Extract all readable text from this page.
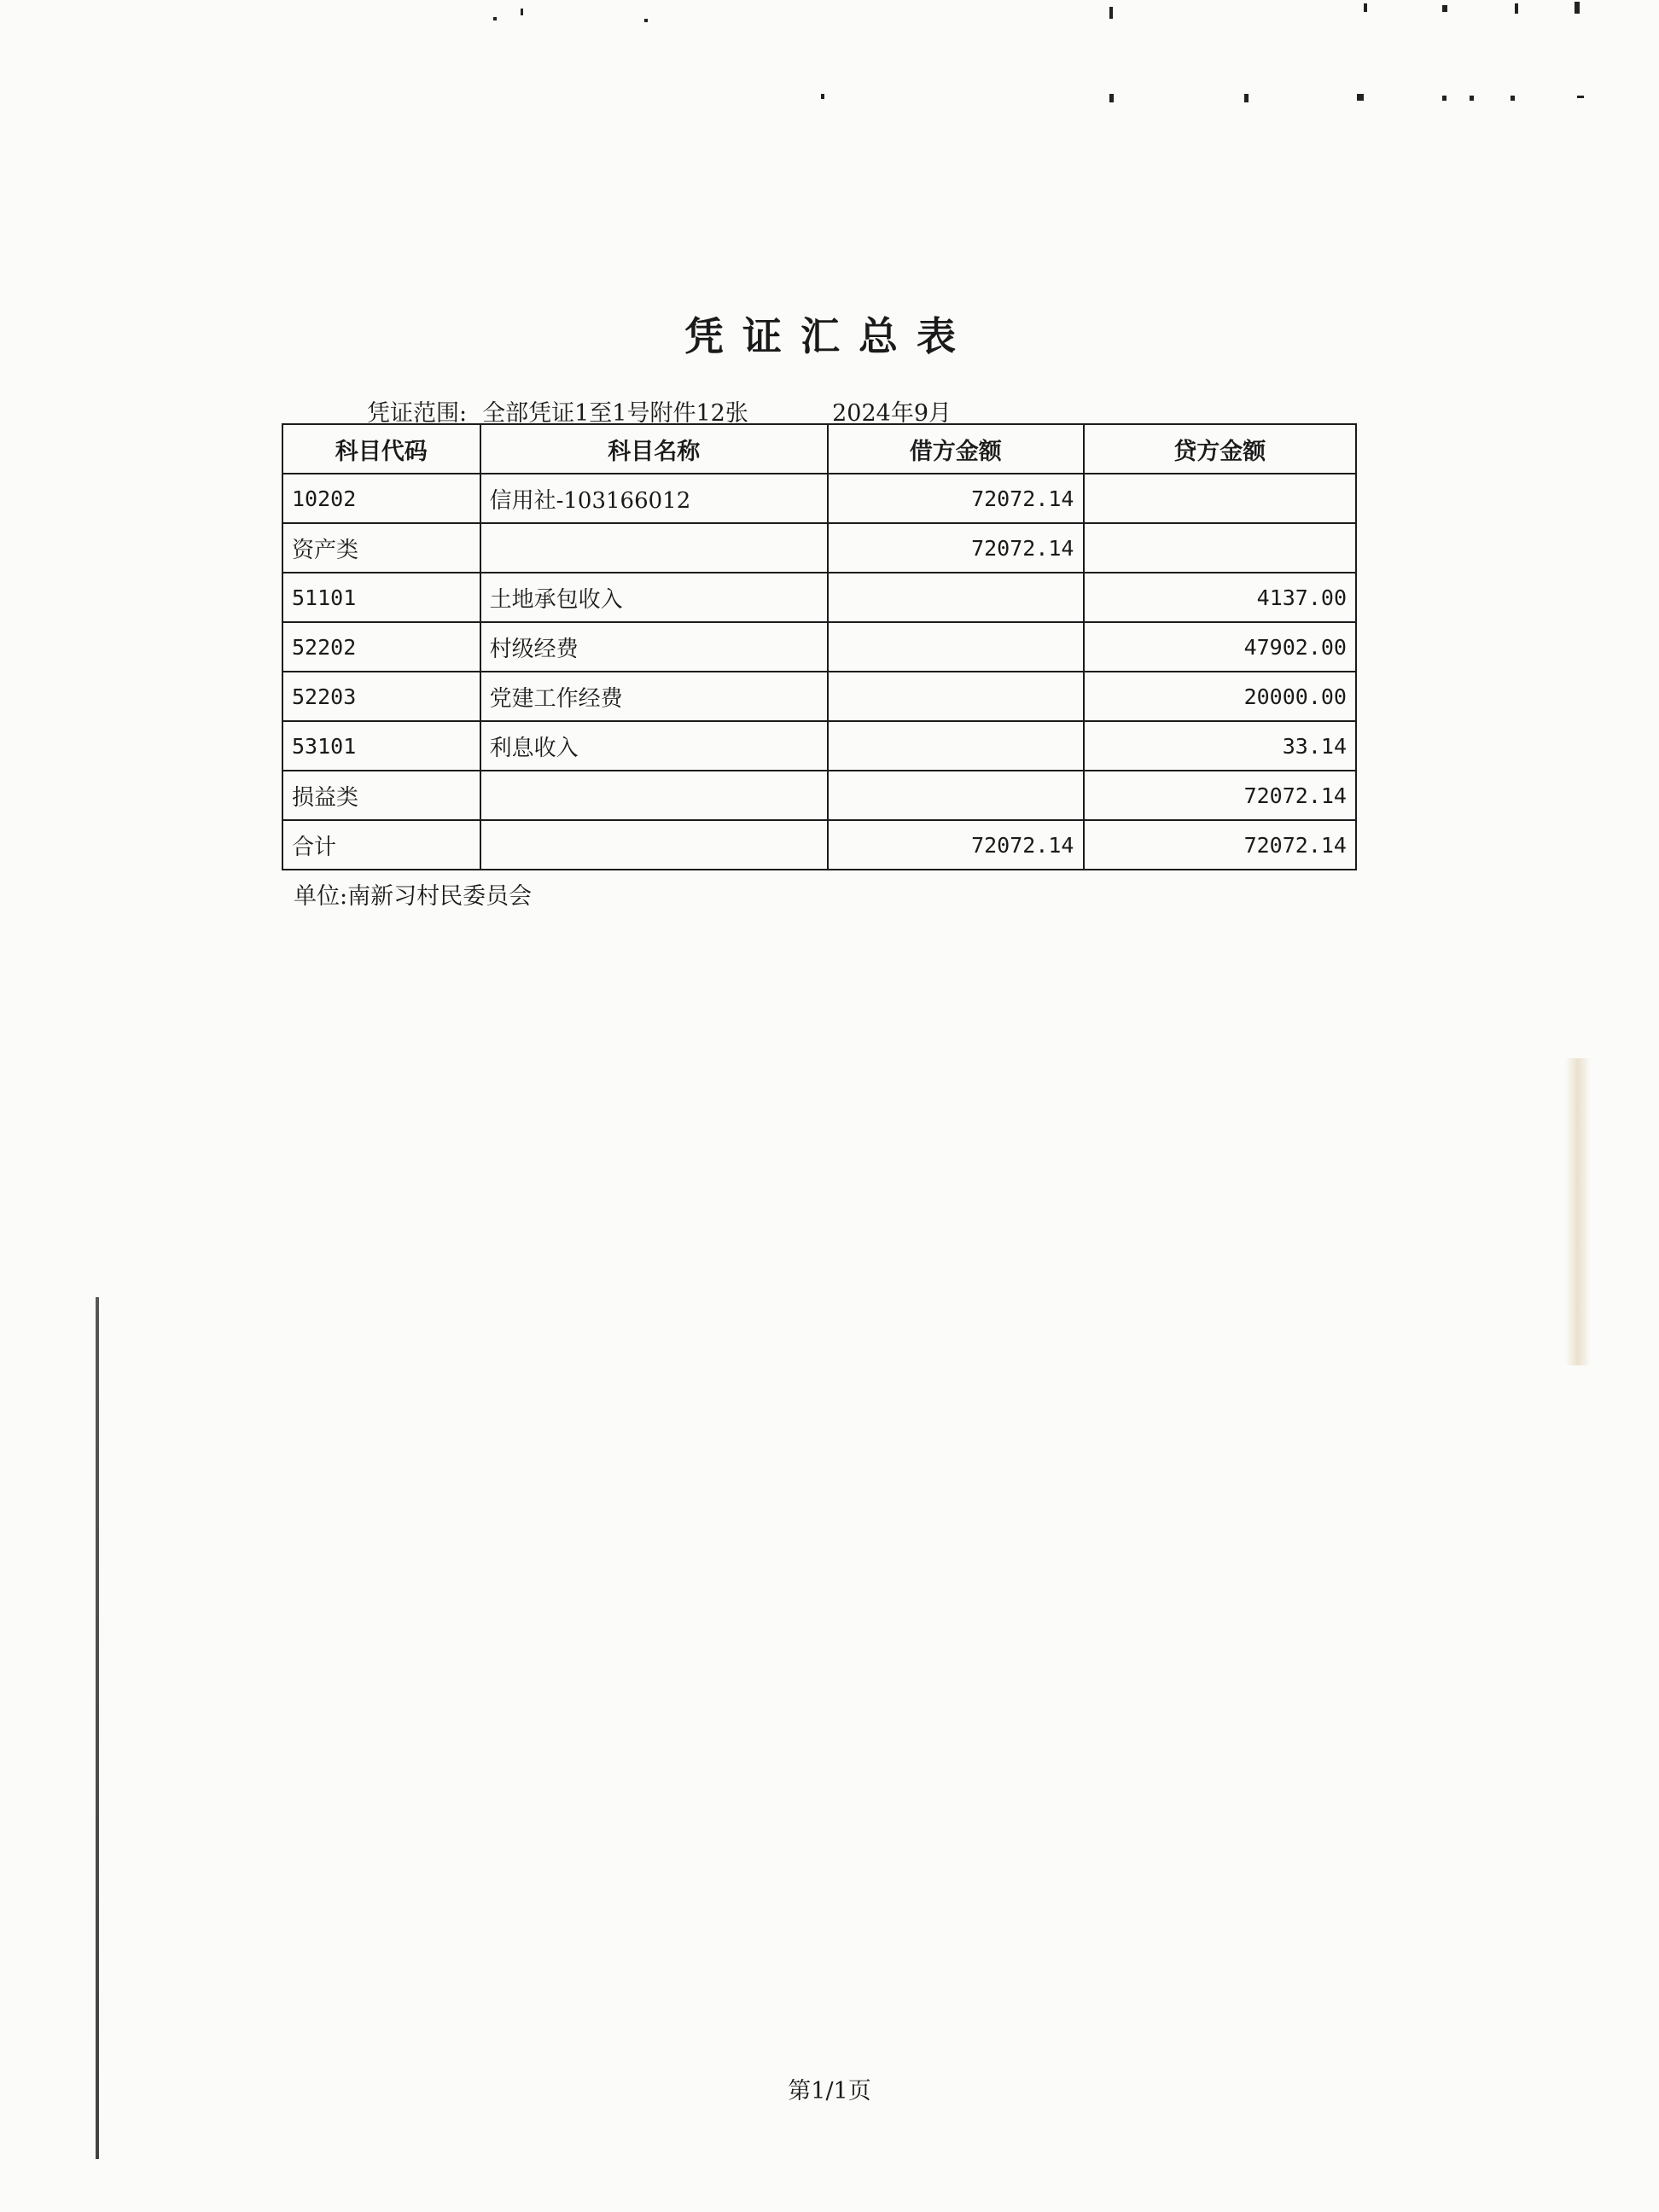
凭证汇总表
凭证范围: 全部凭证1至1号附件12张	2024年9月
科目代码	科目名称	借方金额	贷方金额
10202	信用社-103166012	72072.14	
资产类		72072.14	
51101	土地承包收入		4137.00
52202	村级经费		47902.00
52203	党建工作经费		20000.00
53101	利息收入		33.14
损益类			72072.14
合计		72072.14	72072.14
单位:南新习村民委员会
第1/1页
